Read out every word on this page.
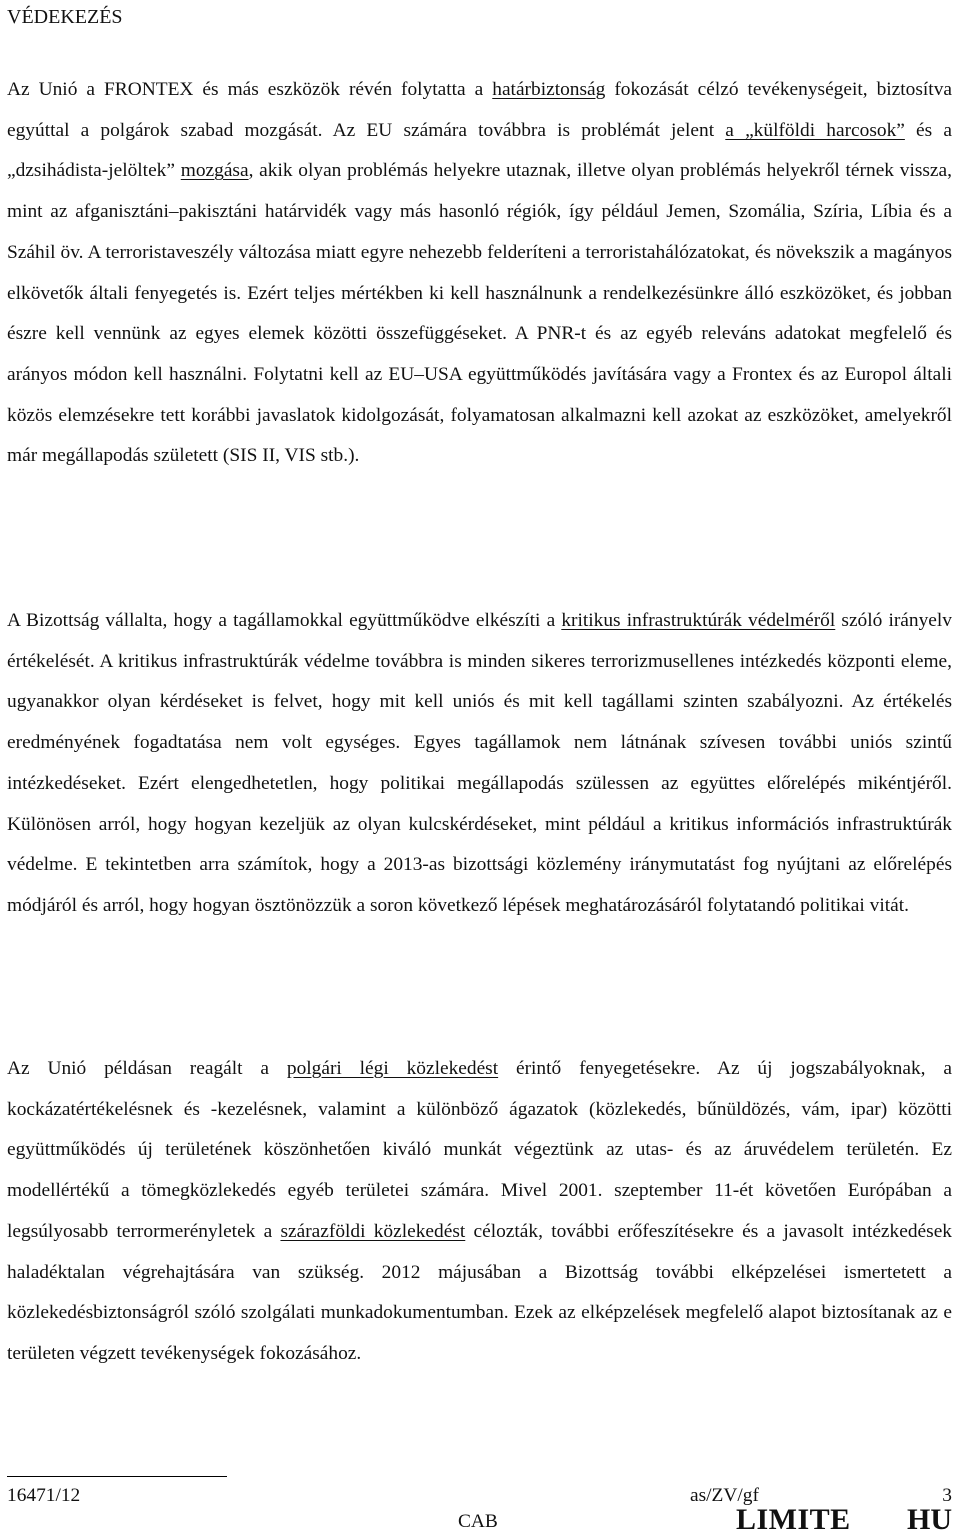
VÉDEKEZÉS

Az Unió a FRONTEX és más eszközök révén folytatta a határbiztonság fokozását célzó tevékenységeit, biztosítva egyúttal a polgárok szabad mozgását. Az EU számára továbbra is problémát jelent a „külföldi harcosok” és a „dzsihádista-jelöltek” mozgása, akik olyan problémás helyekre utaznak, illetve olyan problémás helyekről térnek vissza, mint az afganisztáni–pakisztáni határvidék vagy más hasonló régiók, így például Jemen, Szomália, Szíria, Líbia és a Száhil öv. A terroristaveszély változása miatt egyre nehezebb felderíteni a terroristahálózatokat, és növekszik a magányos elkövetők általi fenyegetés is. Ezért teljes mértékben ki kell használnunk a rendelkezésünkre álló eszközöket, és jobban észre kell vennünk az egyes elemek közötti összefüggéseket. A PNR-t és az egyéb releváns adatokat megfelelő és arányos módon kell használni. Folytatni kell az EU–USA együttműködés javítására vagy a Frontex és az Europol általi közös elemzésekre tett korábbi javaslatok kidolgozását, folyamatosan alkalmazni kell azokat az eszközöket, amelyekről már megállapodás született (SIS II, VIS stb.).

A Bizottság vállalta, hogy a tagállamokkal együttműködve elkészíti a kritikus infrastruktúrák védelméről szóló irányelv értékelését. A kritikus infrastruktúrák védelme továbbra is minden sikeres terrorizmusellenes intézkedés központi eleme, ugyanakkor olyan kérdéseket is felvet, hogy mit kell uniós és mit kell tagállami szinten szabályozni. Az értékelés eredményének fogadtatása nem volt egységes. Egyes tagállamok nem látnának szívesen további uniós szintű intézkedéseket. Ezért elengedhetetlen, hogy politikai megállapodás szülessen az együttes előrelépés mikéntjéről. Különösen arról, hogy hogyan kezeljük az olyan kulcskérdéseket, mint például a kritikus információs infrastruktúrák védelme. E tekintetben arra számítok, hogy a 2013-as bizottsági közlemény iránymutatást fog nyújtani az előrelépés módjáról és arról, hogy hogyan ösztönözzük a soron következő lépések meghatározásáról folytatandó politikai vitát.

Az Unió példásan reagált a polgári légi közlekedést érintő fenyegetésekre. Az új jogszabályoknak, a kockázatértékelésnek és -kezelésnek, valamint a különböző ágazatok (közlekedés, bűnüldözés, vám, ipar) közötti együttműködés új területének köszönhetően kiváló munkát végeztünk az utas- és az áruvédelem területén. Ez modellértékű a tömegközlekedés egyéb területei számára. Mivel 2001. szeptember 11-ét követően Európában a legsúlyosabb terrormerényletek a szárazföldi közlekedést célozták, további erőfeszítésekre és a javasolt intézkedések haladéktalan végrehajtására van szükség. 2012 májusában a Bizottság további elképzelései ismertetett a közlekedésbiztonságról szóló szolgálati munkadokumentumban. Ezek az elképzelések megfelelő alapot biztosítanak az e területen végzett tevékenységek fokozásához.

16471/12	as/ZV/gf	3
CAB	LIMITE HU
